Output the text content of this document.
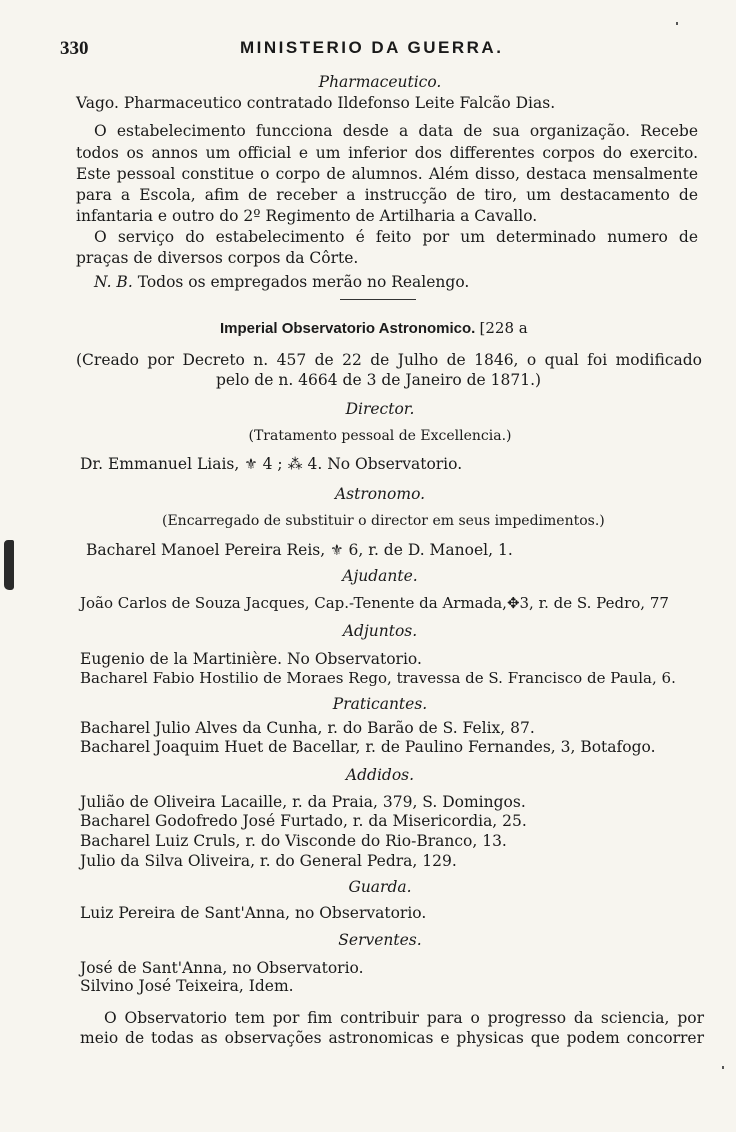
330	MINISTERIO DA GUERRA.
Pharmaceutico.
Vago. Pharmaceutico contratado Ildefonso Leite Falcão Dias.
O estabelecimento funcciona desde a data de sua organização. Recebe
todos os annos um official e um inferior dos differentes corpos do exercito.
Este pessoal constitue o corpo de alumnos. Além disso, destaca mensalmente
para a Escola, afim de receber a instrucção de tiro, um destacamento de
infantaria e outro do 2º Regimento de Artilharia a Cavallo.
O serviço do estabelecimento é feito por um determinado numero de
praças de diversos corpos da Côrte.
N. B. Todos os empregados merão no Realengo.
Imperial Observatorio Astronomico. [228 a
(Creado por Decreto n. 457 de 22 de Julho de 1846, o qual foi modificado
pelo de n. 4664 de 3 de Janeiro de 1871.)
Director.
(Tratamento pessoal de Excellencia.)
Dr. Emmanuel Liais, ⚜ 4 ; ⁂ 4. No Observatorio.
Astronomo.
(Encarregado de substituir o director em seus impedimentos.)
Bacharel Manoel Pereira Reis, ⚜ 6, r. de D. Manoel, 1.
Ajudante.
João Carlos de Souza Jacques, Cap.-Tenente da Armada,✥3, r. de S. Pedro, 77
Adjuntos.
Eugenio de la Martinière. No Observatorio.
Bacharel Fabio Hostilio de Moraes Rego, travessa de S. Francisco de Paula, 6.
Praticantes.
Bacharel Julio Alves da Cunha, r. do Barão de S. Felix, 87.
Bacharel Joaquim Huet de Bacellar, r. de Paulino Fernandes, 3, Botafogo.
Addidos.
Julião de Oliveira Lacaille, r. da Praia, 379, S. Domingos.
Bacharel Godofredo José Furtado, r. da Misericordia, 25.
Bacharel Luiz Cruls, r. do Visconde do Rio-Branco, 13.
Julio da Silva Oliveira, r. do General Pedra, 129.
Guarda.
Luiz Pereira de Sant'Anna, no Observatorio.
Serventes.
José de Sant'Anna, no Observatorio.
Silvino José Teixeira, Idem.
O Observatorio tem por fim contribuir para o progresso da sciencia, por
meio de todas as observações astronomicas e physicas que podem concorrer
